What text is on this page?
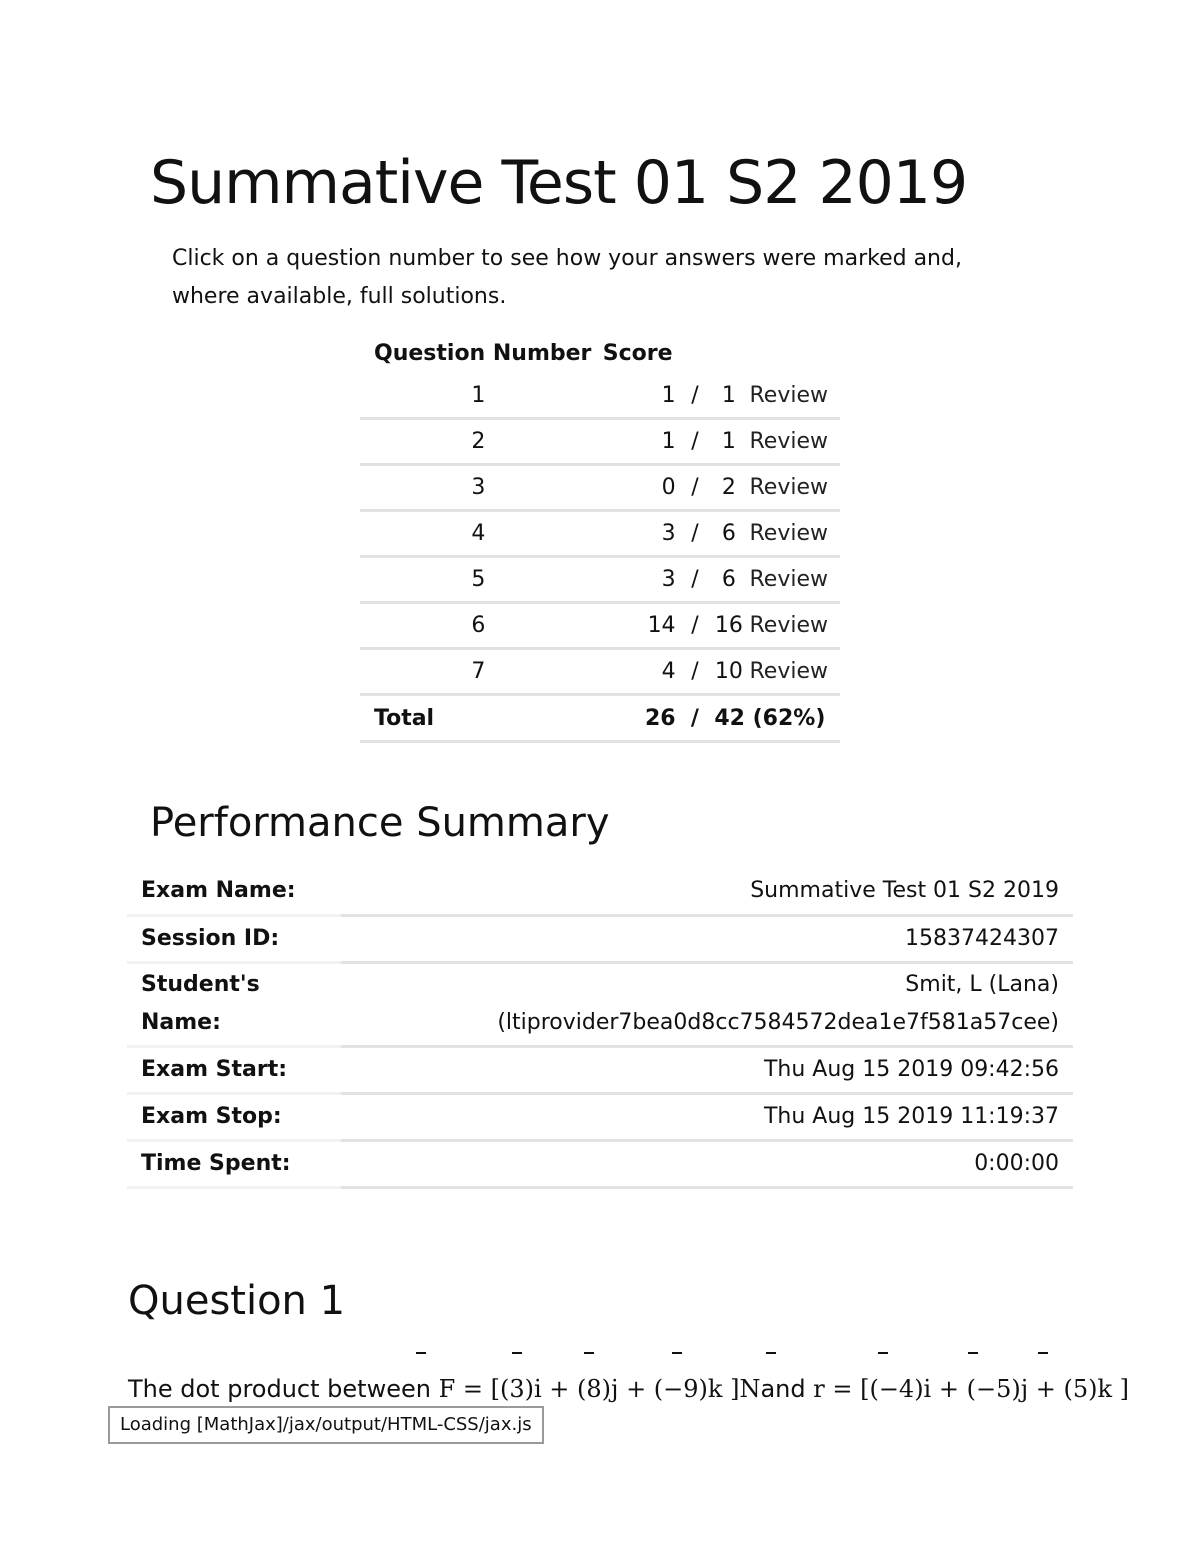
Summative Test 01 S2 2019

Click on a question number to see how your answers were marked and, where available, full solutions.

Question Number	Score			
1	1	/	1	Review
2	1	/	1	Review
3	0	/	2	Review
4	3	/	6	Review
5	3	/	6	Review
6	14	/	16	Review
7	4	/	10	Review
Total	26	/	42 (62%)	
Performance Summary
Exam Name:	Summative Test 01 S2 2019
Session ID:	15837424307
Student's Name:	Smit, L (Lana)
(ltiprovider7bea0d8cc7584572dea1e7f581a57cee)
Exam Start:	Thu Aug 15 2019 09:42:56
Exam Stop:	Thu Aug 15 2019 11:19:37
Time Spent:	0:00:00
Question 1

The dot product between F = [(3)i + (8)j + (−9)k ]Nand r = [(−4)i + (−5)j + (5)k ]

Loading [MathJax]/jax/output/HTML-CSS/jax.js
